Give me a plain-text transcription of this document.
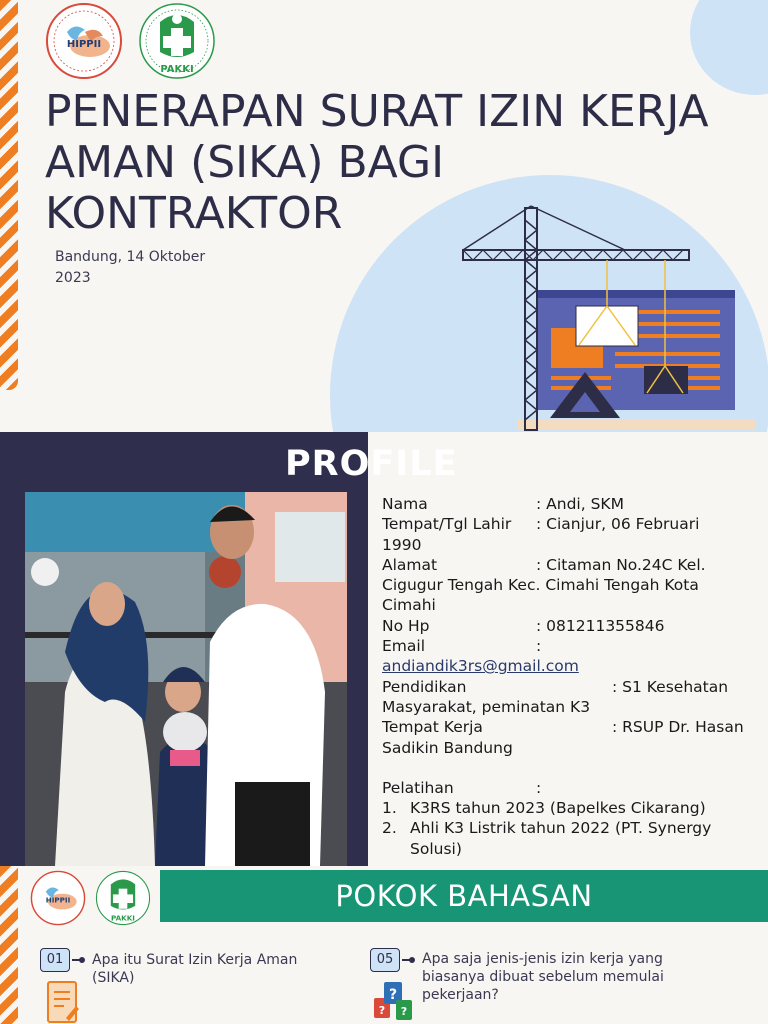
HIPPII
PAKKI
PENERAPAN SURAT IZIN KERJA
AMAN (SIKA) BAGI
KONTRAKTOR
Bandung, 14 Oktober
2023
PROFILE
Nama	: Andi, SKM
Tempat/Tgl Lahir : Cianjur, 06 Februari
1990
Alamat	: Citaman No.24C Kel.
Cigugur Tengah Kec. Cimahi Tengah Kota
Cimahi
No Hp	: 081211355846
Email	:
andiandik3rs@gmail.com
Pendidikan	: S1 Kesehatan
Masyarakat, peminatan K3
Tempat Kerja	: RSUP Dr. Hasan
Sadikin Bandung
Pelatihan	:
1. K3RS tahun 2023 (Bapelkes Cikarang)
2. Ahli K3 Listrik tahun 2022 (PT. Synergy
Solusi)
HIPPII
PAKKI
POKOK BAHASAN
01	Apa itu Surat Izin Kerja Aman
(SIKA)
05	Apa saja jenis-jenis izin kerja yang
biasanya dibuat sebelum memulai
pekerjaan?
?
? ?
